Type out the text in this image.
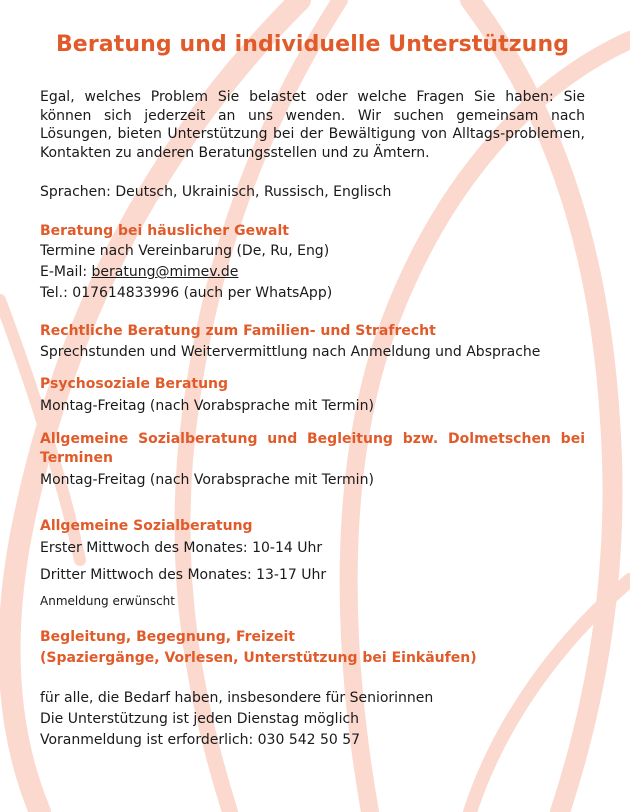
Beratung und individuelle Unterstützung

Egal, welches Problem Sie belastet oder welche Fragen Sie haben: Sie können sich jederzeit an uns wenden. Wir suchen gemeinsam nach Lösungen, bieten Unterstützung bei der Bewältigung von Alltags-problemen, Kontakten zu anderen Beratungsstellen und zu Ämtern.

Sprachen: Deutsch, Ukrainisch, Russisch, Englisch

Beratung bei häuslicher Gewalt

Termine nach Vereinbarung (De, Ru, Eng)

E-Mail: beratung@mimev.de

Tel.: 017614833996 (auch per WhatsApp)

Rechtliche Beratung zum Familien- und Strafrecht

Sprechstunden und Weitervermittlung nach Anmeldung und Absprache

Psychosoziale Beratung

Montag-Freitag (nach Vorabsprache mit Termin)

Allgemeine Sozialberatung und Begleitung bzw. Dolmetschen bei Terminen

Montag-Freitag (nach Vorabsprache mit Termin)

Allgemeine Sozialberatung

Erster Mittwoch des Monates: 10-14 Uhr

Dritter Mittwoch des Monates: 13-17 Uhr

Anmeldung erwünscht

Begleitung, Begegnung, Freizeit

(Spaziergänge, Vorlesen, Unterstützung bei Einkäufen)

für alle, die Bedarf haben, insbesondere für Seniorinnen

Die Unterstützung ist jeden Dienstag möglich

Voranmeldung ist erforderlich: 030 542 50 57
